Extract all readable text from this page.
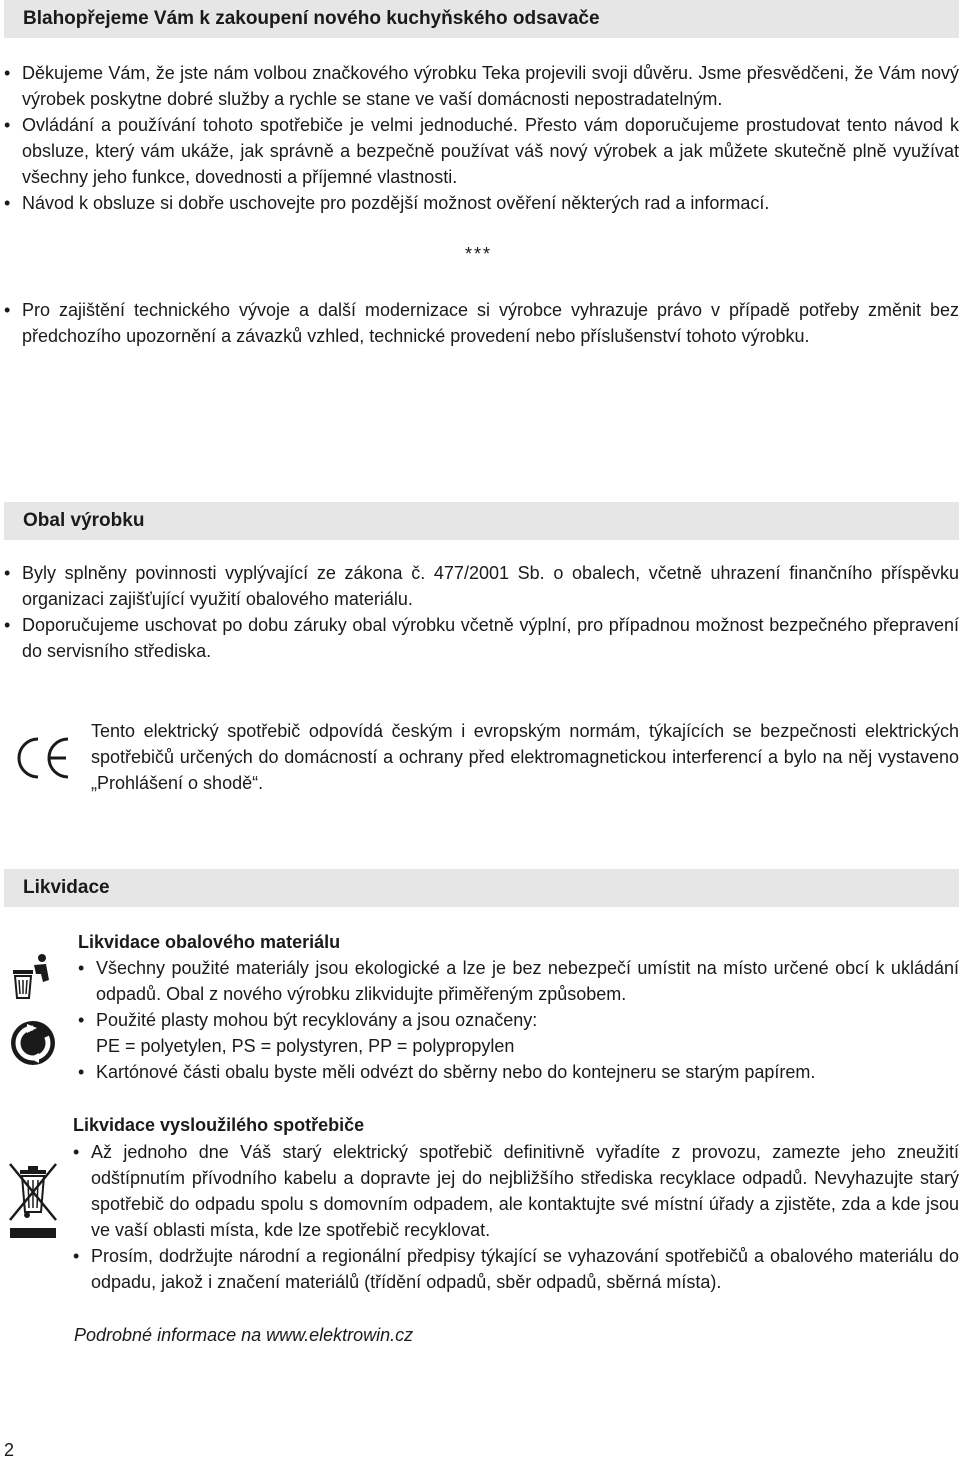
Blahopřejeme Vám k zakoupení nového kuchyňského odsavače
• Děkujeme Vám, že jste nám volbou značkového výrobku Teka projevili svoji důvěru. Jsme přesvědčeni, že Vám nový výrobek poskytne dobré služby a rychle se stane ve vaší domácnosti nepostradatelným.
• Ovládání a používání tohoto spotřebiče je velmi jednoduché. Přesto vám doporučujeme prostudovat tento návod k obsluze, který vám ukáže, jak správně a bezpečně používat váš nový výrobek a jak můžete skutečně plně využívat všechny jeho funkce, dovednosti a příjemné vlastnosti.
• Návod k obsluze si dobře uschovejte pro pozdější možnost ověření některých rad a informací.
***
• Pro zajištění technického vývoje a další modernizace si výrobce vyhrazuje právo v případě potřeby změnit bez předchozího upozornění a závazků vzhled, technické provedení nebo příslušenství tohoto výrobku.
Obal výrobku
• Byly splněny povinnosti vyplývající ze zákona č. 477/2001 Sb. o obalech, včetně uhrazení finančního příspěvku organizaci zajišťující využití obalového materiálu.
• Doporučujeme uschovat po dobu záruky obal výrobku včetně výplní, pro případnou možnost bezpečného přepravení do servisního střediska.
Tento elektrický spotřebič odpovídá českým i evropským normám, týkajících se bezpečnosti elektrických spotřebičů určených do domácností a ochrany před elektromagnetickou interferencí a bylo na něj vystaveno „Prohlášení o shodě“.
Likvidace
Likvidace obalového materiálu
• Všechny použité materiály jsou ekologické a lze je bez nebezpečí umístit na místo určené obcí k ukládání odpadů. Obal z nového výrobku zlikvidujte přiměřeným způsobem.
• Použité plasty mohou být recyklovány a jsou označeny:
PE = polyetylen, PS = polystyren, PP = polypropylen
• Kartónové části obalu byste měli odvézt do sběrny nebo do kontejneru se starým papírem.
Likvidace vysloužilého spotřebiče
• Až jednoho dne Váš starý elektrický spotřebič definitivně vyřadíte z provozu, zamezte jeho zneužití odštípnutím přívodního kabelu a dopravte jej do nejbližšího střediska recyklace odpadů. Nevyhazujte starý spotřebič do odpadu spolu s domovním odpadem, ale kontaktujte své místní úřady a zjistěte, zda a kde jsou ve vaší oblasti místa, kde lze spotřebič recyklovat.
• Prosím, dodržujte národní a regionální předpisy týkající se vyhazování spotřebičů a obalového materiálu do odpadu, jakož i značení materiálů (třídění odpadů, sběr odpadů, sběrná místa).
Podrobné informace na www.elektrowin.cz
2
